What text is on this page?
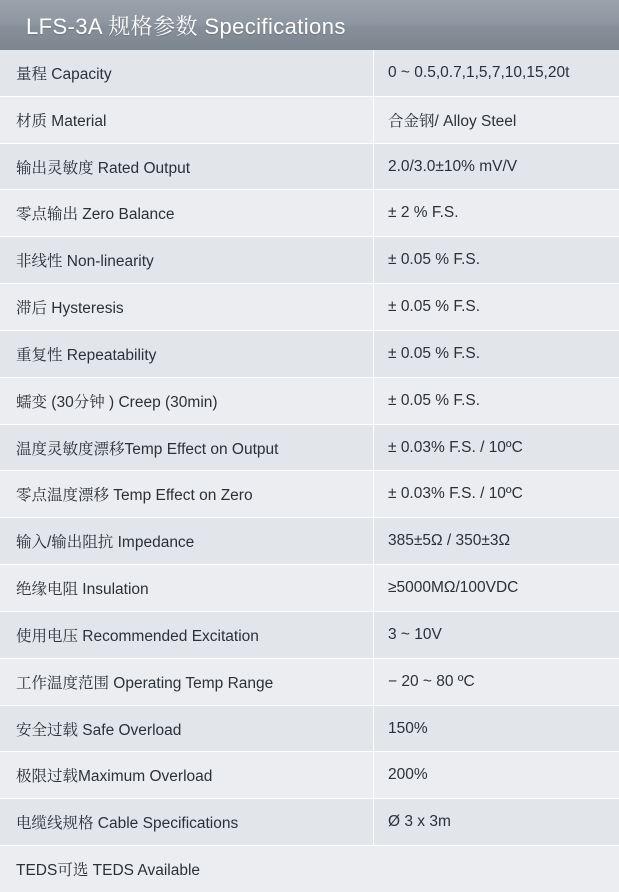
LFS-3A 规格参数 Specifications
量程 Capacity	0 ~ 0.5,0.7,1,5,7,10,15,20t
材质 Material	合金钢/ Alloy Steel
输出灵敏度 Rated Output	2.0/3.0±10% mV/V
零点输出 Zero Balance	± 2 % F.S.
非线性 Non-linearity	± 0.05 % F.S.
滞后 Hysteresis	± 0.05 % F.S.
重复性 Repeatability	± 0.05 % F.S.
蠕变 (30分钟 ) Creep (30min)	± 0.05 % F.S.
温度灵敏度漂移Temp Effect on Output	± 0.03% F.S. / 10ºC
零点温度漂移 Temp Effect on Zero	± 0.03% F.S. / 10ºC
输入/输出阻抗 Impedance	385±5Ω / 350±3Ω
绝缘电阻 Insulation	≥5000MΩ/100VDC
使用电压 Recommended Excitation	3 ~ 10V
工作温度范围 Operating Temp Range	− 20 ~ 80 ºC
安全过载 Safe Overload	150%
极限过载Maximum Overload	200%
电缆线规格 Cable Specifications	Ø 3 x 3m
TEDS可选 TEDS Available
